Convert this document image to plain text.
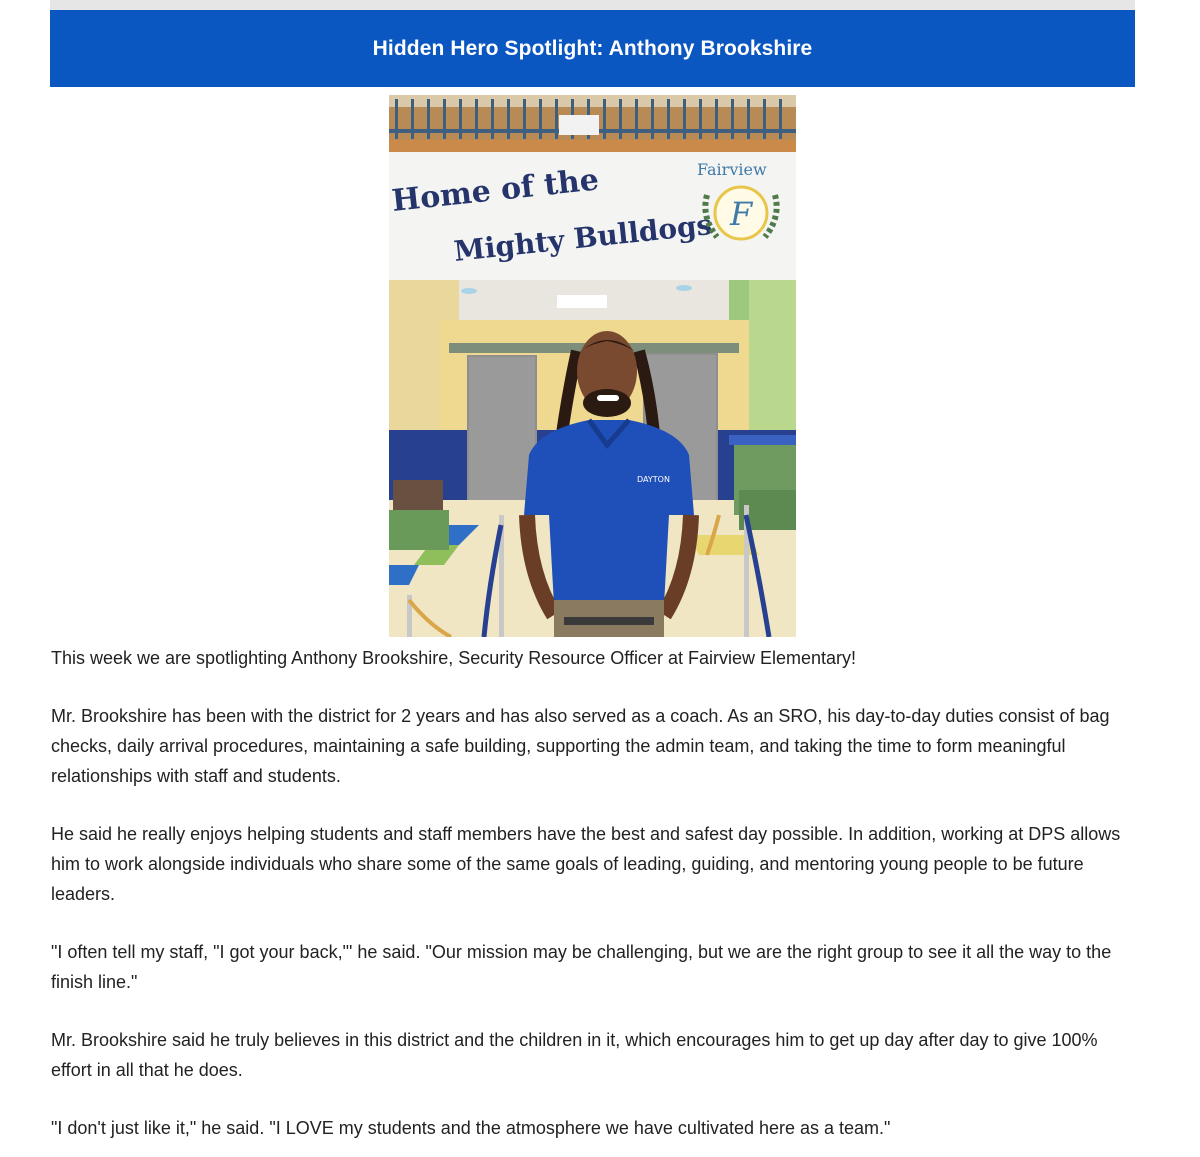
Hidden Hero Spotlight: Anthony Brookshire
Home of the
Mighty Bulldogs
Fairview
F
DAYTON

This week we are spotlighting Anthony Brookshire, Security Resource Officer at Fairview Elementary!

Mr. Brookshire has been with the district for 2 years and has also served as a coach. As an SRO, his day-to-day duties consist of bag checks, daily arrival procedures, maintaining a safe building, supporting the admin team, and taking the time to form meaningful relationships with staff and students.

He said he really enjoys helping students and staff members have the best and safest day possible. In addition, working at DPS allows him to work alongside individuals who share some of the same goals of leading, guiding, and mentoring young people to be future leaders.

"I often tell my staff, "I got your back,"' he said. "Our mission may be challenging, but we are the right group to see it all the way to the finish line."

Mr. Brookshire said he truly believes in this district and the children in it, which encourages him to get up day after day to give 100% effort in all that he does.

"I don't just like it," he said. "I LOVE my students and the atmosphere we have cultivated here as a team."
